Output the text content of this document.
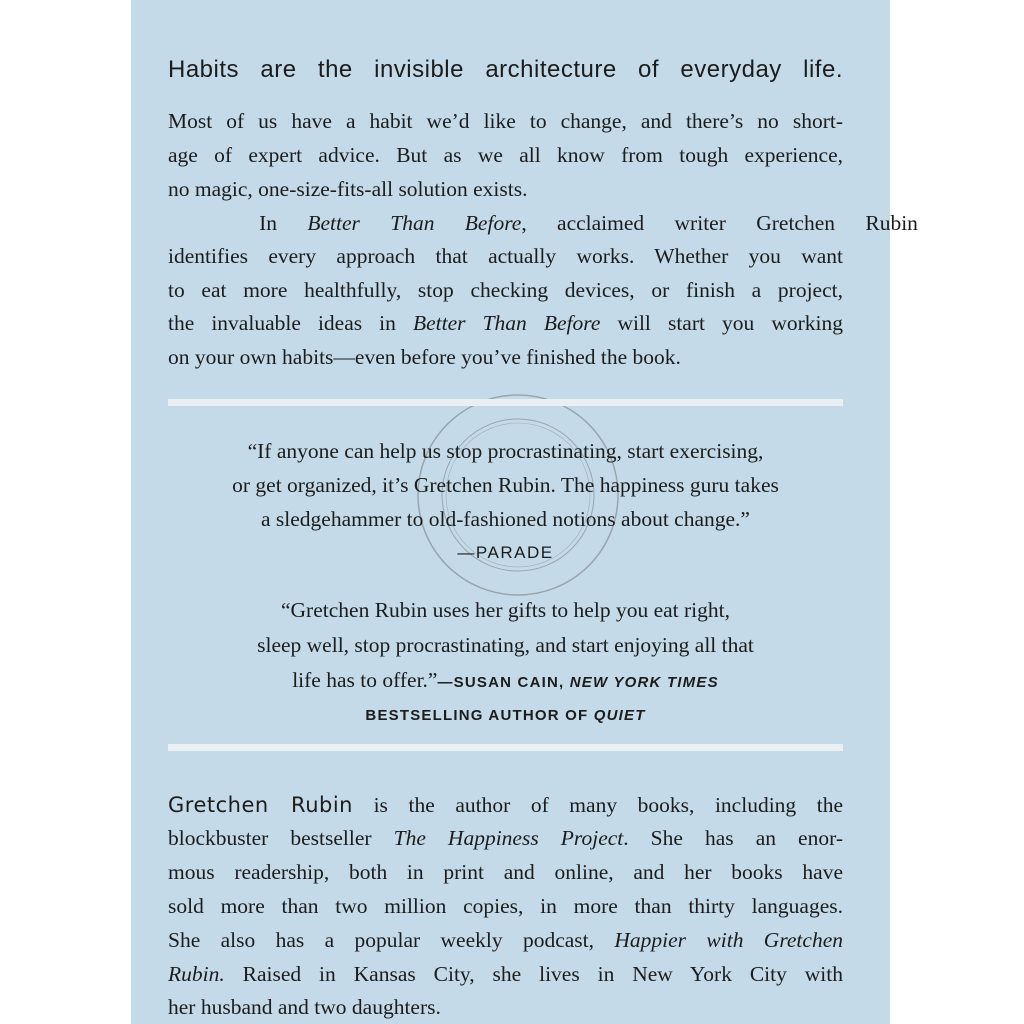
Habits are the invisible architecture of everyday life.
Most of us have a habit we’d like to change, and there’s no short-
age of expert advice. But as we all know from tough experience,
no magic, one-size-fits-all solution exists.
In Better Than Before, acclaimed writer Gretchen Rubin
identifies every approach that actually works. Whether you want
to eat more healthfully, stop checking devices, or finish a project,
the invaluable ideas in Better Than Before will start you working
on your own habits—even before you’ve finished the book.
“If anyone can help us stop procrastinating, start exercising,
or get organized, it’s Gretchen Rubin. The happiness guru takes
a sledgehammer to old-fashioned notions about change.”
—PARADE
“Gretchen Rubin uses her gifts to help you eat right,
sleep well, stop procrastinating, and start enjoying all that
life has to offer.”—SUSAN CAIN, NEW YORK TIMES
BESTSELLING AUTHOR OF QUIET
Gretchen Rubin is the author of many books, including the
blockbuster bestseller The Happiness Project. She has an enor-
mous readership, both in print and online, and her books have
sold more than two million copies, in more than thirty languages.
She also has a popular weekly podcast, Happier with Gretchen
Rubin. Raised in Kansas City, she lives in New York City with
her husband and two daughters.
